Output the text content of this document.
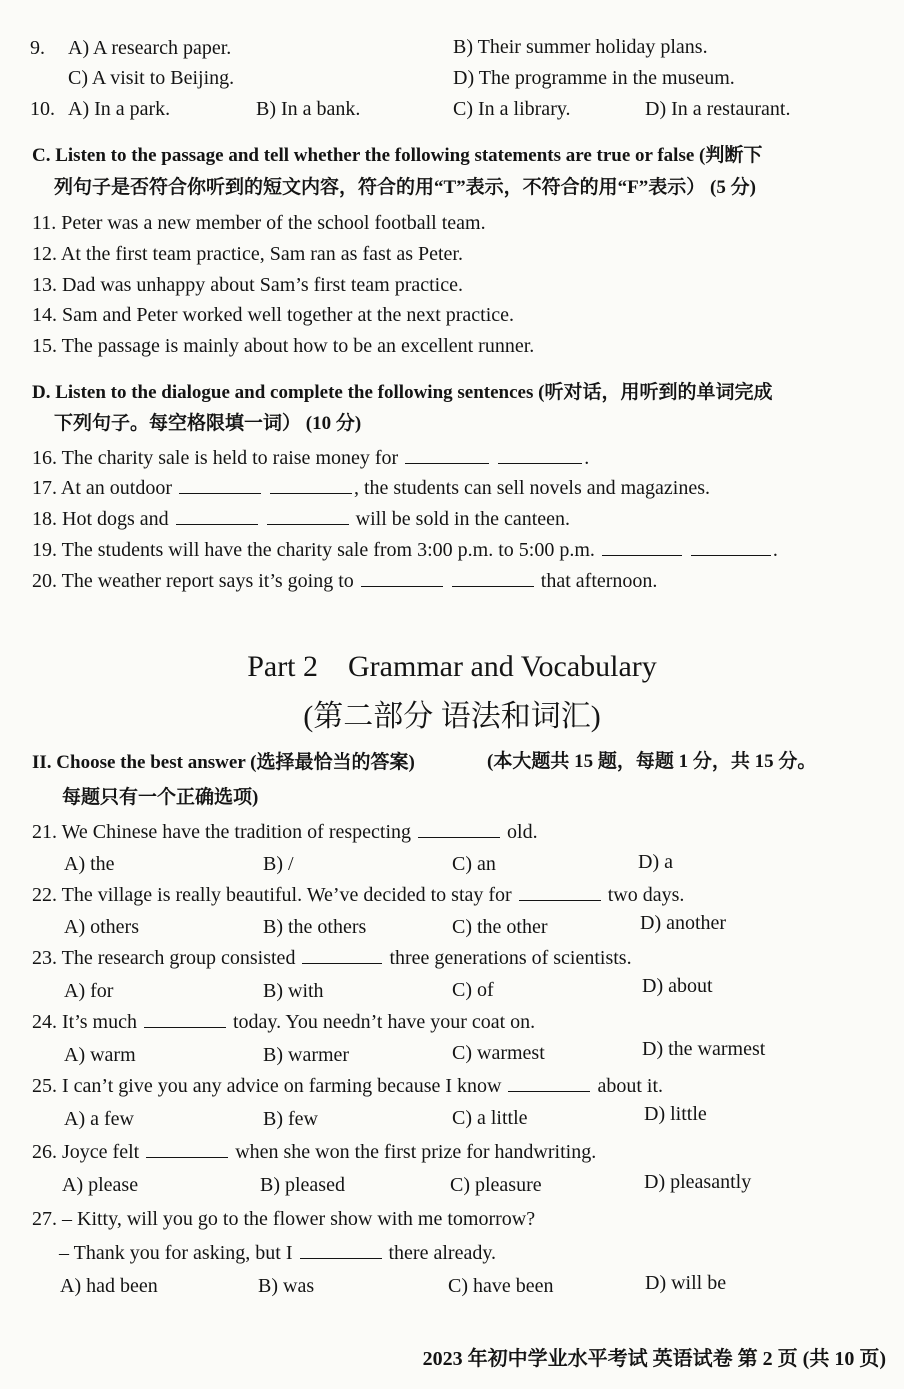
9. A) A research paper.	B) Their summer holiday plans.
C) A visit to Beijing.	D) The programme in the museum.
10. A) In a park.	B) In a bank.	C) In a library.	D) In a restaurant.
C. Listen to the passage and tell whether the following statements are true or false (判断下
列句子是否符合你听到的短文内容，符合的用“T”表示，不符合的用“F”表示） (5 分)
11. Peter was a new member of the school football team.
12. At the first team practice, Sam ran as fast as Peter.
13. Dad was unhappy about Sam’s first team practice.
14. Sam and Peter worked well together at the next practice.
15. The passage is mainly about how to be an excellent runner.
D. Listen to the dialogue and complete the following sentences (听对话，用听到的单词完成
下列句子。每空格限填一词） (10 分)
16. The charity sale is held to raise money for	.
17. At an outdoor	, the students can sell novels and magazines.
18. Hot dogs and	will be sold in the canteen.
19. The students will have the charity sale from 3:00 p.m. to 5:00 p.m.	.
20. The weather report says it’s going to	that afternoon.
Part 2　Grammar and Vocabulary
(第二部分 语法和词汇)
II. Choose the best answer (选择最恰当的答案)	(本大题共 15 题，每题 1 分，共 15 分。
每题只有一个正确选项)
21. We Chinese have the tradition of respecting	old.
A) the	B) /	C) an	D) a
22. The village is really beautiful. We’ve decided to stay for	two days.
A) others	B) the others	C) the other	D) another
23. The research group consisted	three generations of scientists.
A) for	B) with	C) of	D) about
24. It’s much	today. You needn’t have your coat on.
A) warm	B) warmer	C) warmest	D) the warmest
25. I can’t give you any advice on farming because I know	about it.
A) a few	B) few	C) a little	D) little
26. Joyce felt	when she won the first prize for handwriting.
A) please	B) pleased	C) pleasure	D) pleasantly
27. – Kitty, will you go to the flower show with me tomorrow?
– Thank you for asking, but I	there already.
A) had been	B) was	C) have been	D) will be
2023 年初中学业水平考试 英语试卷 第 2 页 (共 10 页)
